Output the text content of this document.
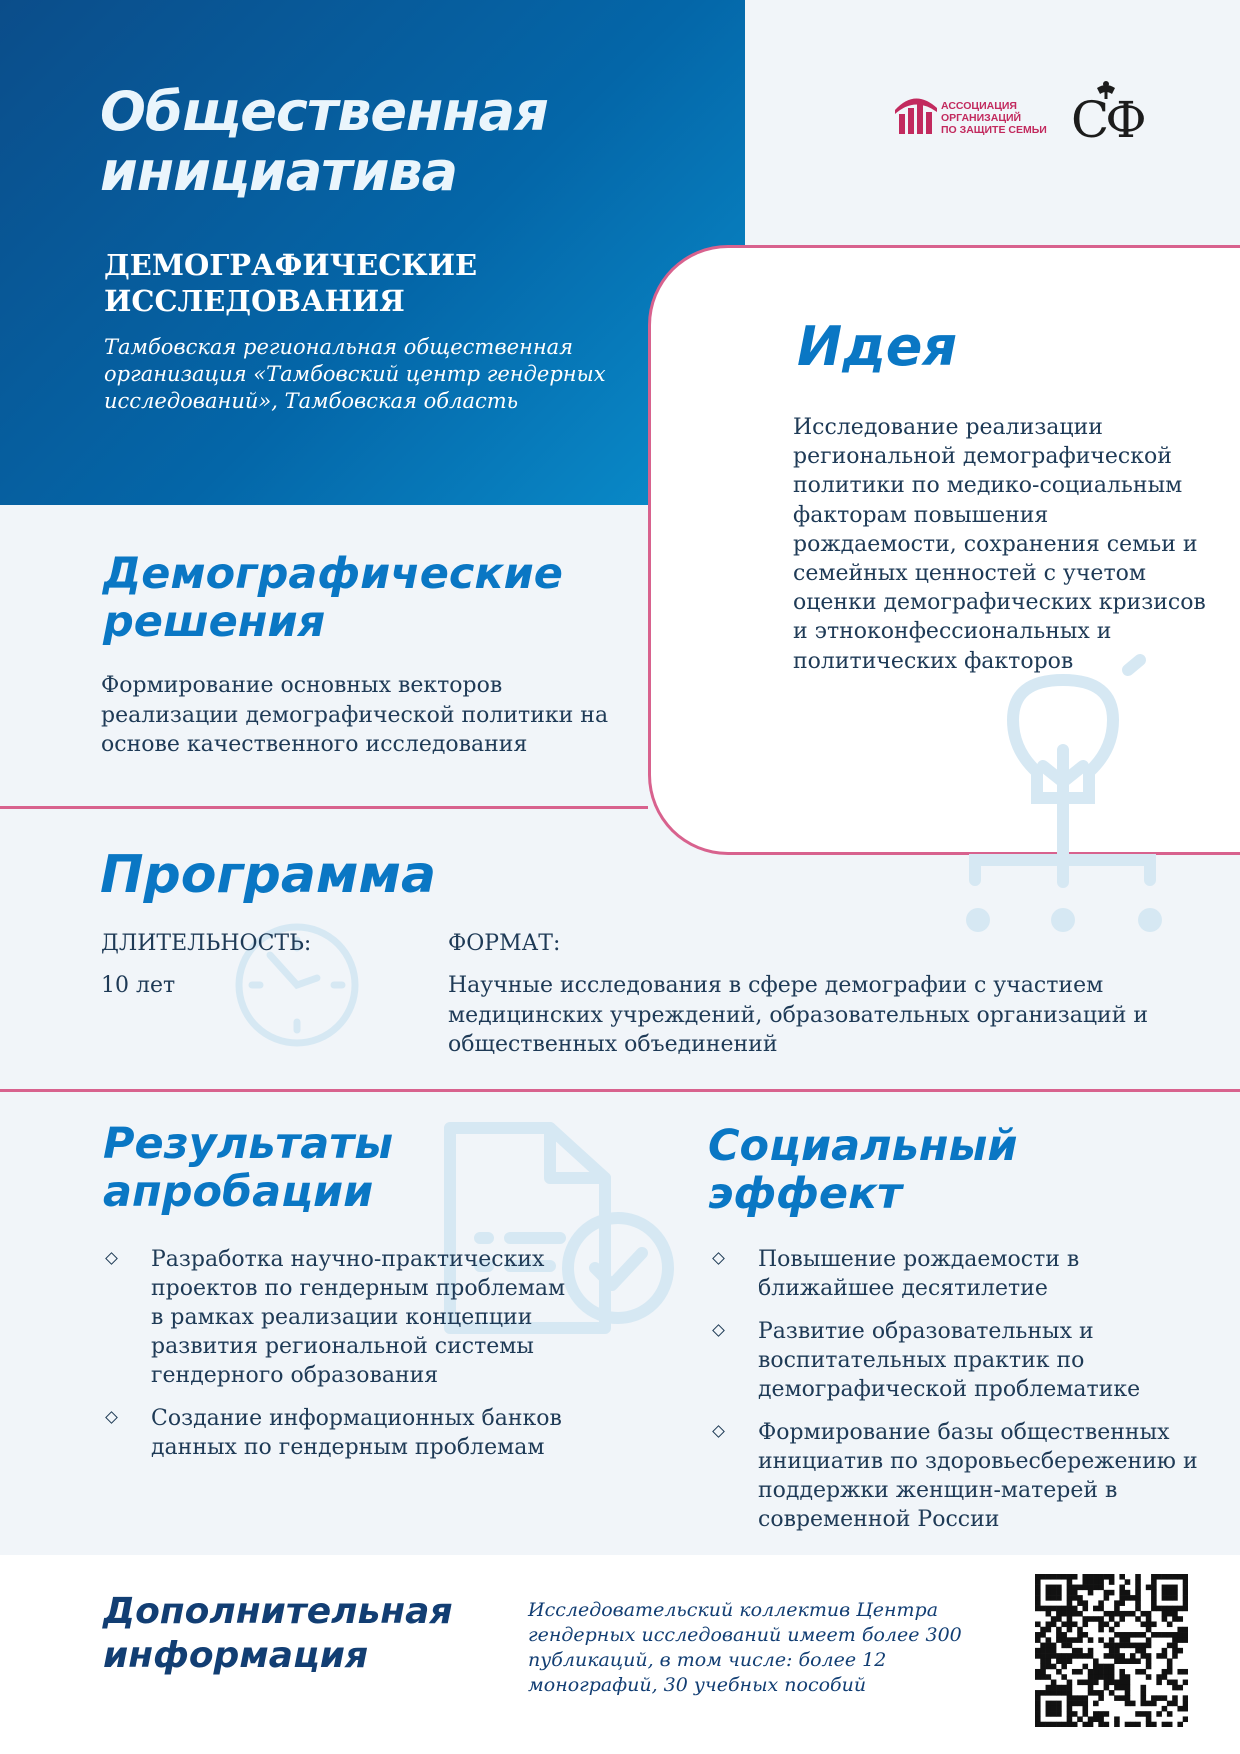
Общественная
инициатива
ДЕМОГРАФИЧЕСКИЕ
ИССЛЕДОВАНИЯ
Тамбовская региональная общественная организация «Тамбовский центр гендерных исследований», Тамбовская область
АССОЦИАЦИЯ
ОРГАНИЗАЦИЙ
ПО ЗАЩИТЕ СЕМЬИ СФ
Идея
Исследование реализации региональной демографической политики по медико-социальным факторам повышения рождаемости, сохранения семьи и семейных ценностей с учетом оценки демографических кризисов и этноконфессиональных и политических факторов
Демографические
решения
Формирование основных векторов реализации демографической политики на основе качественного исследования
Программа
ДЛИТЕЛЬНОСТЬ:
10 лет
ФОРМАТ:
Научные исследования в сфере демографии с участием медицинских учреждений, образовательных организаций и общественных объединений
Результаты
апробации
Разработка научно-практических проектов по гендерным проблемам в рамках реализации концепции развития региональной системы гендерного образования
Создание информационных банков данных по гендерным проблемам
Социальный
эффект
Повышение рождаемости в ближайшее десятилетие
Развитие образовательных и воспитательных практик по демографической проблематике
Формирование базы общественных инициатив по здоровьесбережению и поддержки женщин-матерей в современной России
Дополнительная
информация
Исследовательский коллектив Центра гендерных исследований имеет более 300 публикаций, в том числе: более 12 монографий, 30 учебных пособий
